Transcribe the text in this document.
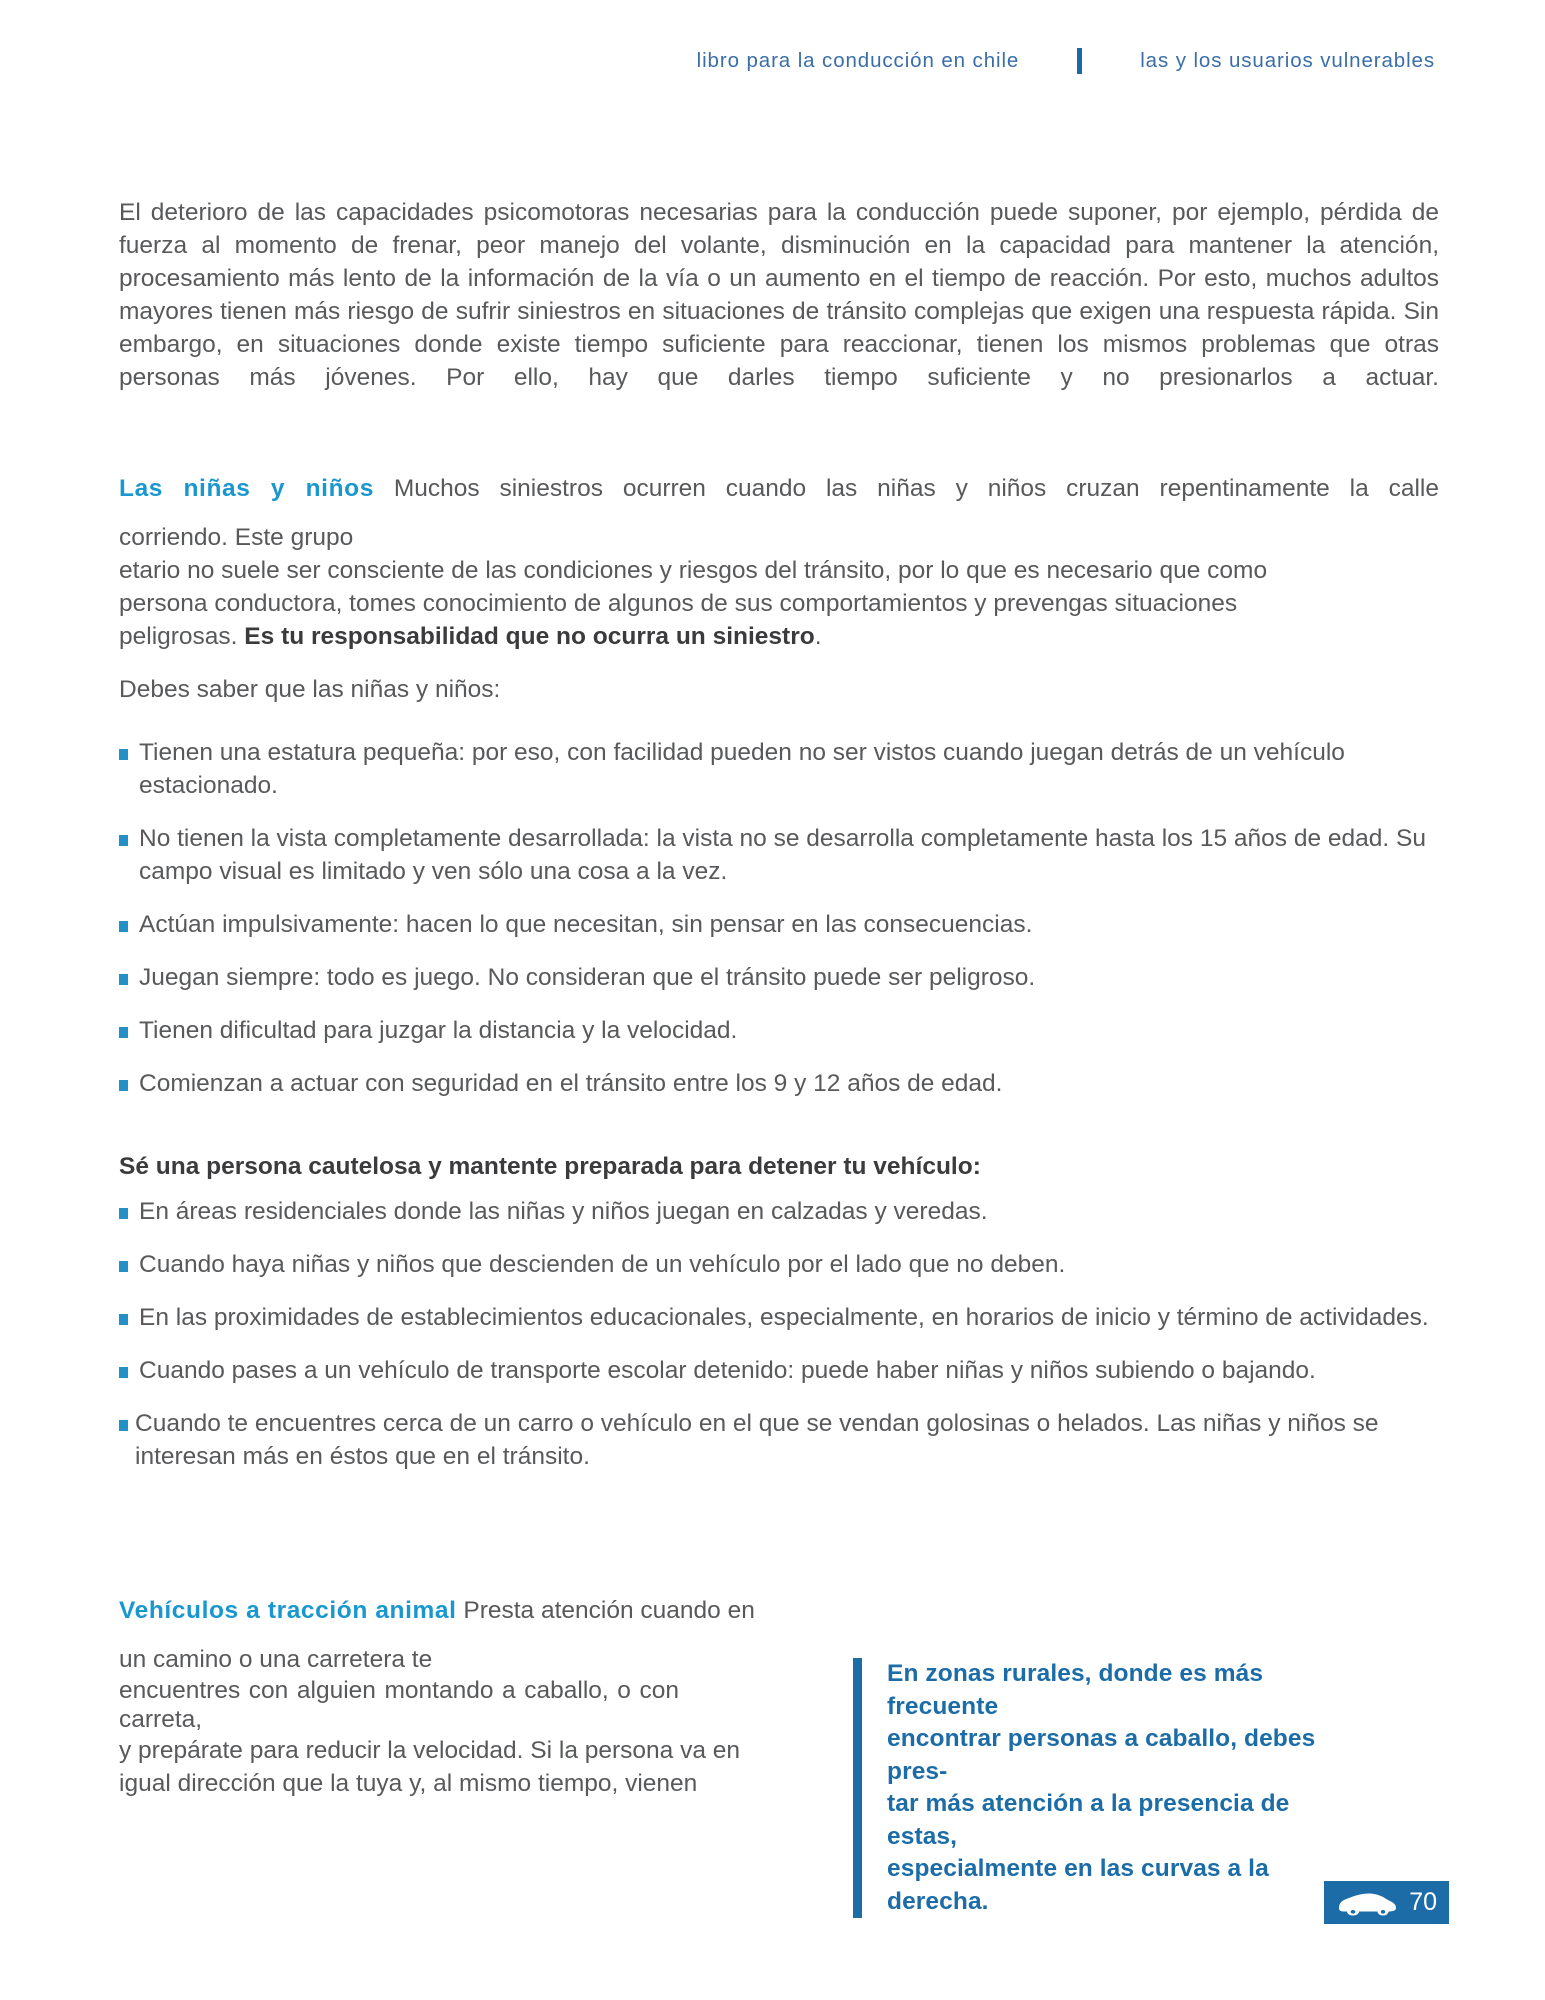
libro para la conducción en chile	las y los usuarios vulnerables

El deterioro de las capacidades psicomotoras necesarias para la conducción puede suponer, por ejemplo, pérdida de fuerza al momento de frenar, peor manejo del volante, disminución en la capacidad para mantener la atención, procesamiento más lento de la información de la vía o un aumento en el tiempo de reacción. Por esto, muchos adultos mayores tienen más riesgo de sufrir siniestros en situaciones de tránsito complejas que exigen una respuesta rápida. Sin embargo, en situaciones donde existe tiempo suficiente para reaccionar, tienen los mismos problemas que otras personas más jóvenes. Por ello, hay que darles tiempo suficiente y no presionarlos a actuar.

Las niñas y niños Muchos siniestros ocurren cuando las niñas y niños cruzan repentinamente la calle

corriendo. Este grupo

etario no suele ser consciente de las condiciones y riesgos del tránsito, por lo que es necesario que como

persona conductora, tomes conocimiento de algunos de sus comportamientos y prevengas situaciones

peligrosas. Es tu responsabilidad que no ocurra un siniestro.

Debes saber que las niñas y niños:

Tienen una estatura pequeña: por eso, con facilidad pueden no ser vistos cuando juegan detrás de un vehículo estacionado.
No tienen la vista completamente desarrollada: la vista no se desarrolla completamente hasta los 15 años de edad. Su campo visual es limitado y ven sólo una cosa a la vez.
Actúan impulsivamente: hacen lo que necesitan, sin pensar en las consecuencias.
Juegan siempre: todo es juego. No consideran que el tránsito puede ser peligroso.
Tienen dificultad para juzgar la distancia y la velocidad.
Comienzan a actuar con seguridad en el tránsito entre los 9 y 12 años de edad.

Sé una persona cautelosa y mantente preparada para detener tu vehículo:

En áreas residenciales donde las niñas y niños juegan en calzadas y veredas.
Cuando haya niñas y niños que descienden de un vehículo por el lado que no deben.
En las proximidades de establecimientos educacionales, especialmente, en horarios de inicio y término de actividades.
Cuando pases a un vehículo de transporte escolar detenido: puede haber niñas y niños subiendo o bajando.
Cuando te encuentres cerca de un carro o vehículo en el que se vendan golosinas o helados. Las niñas y niños se interesan más en éstos que en el tránsito.

Vehículos a tracción animal Presta atención cuando en

un camino o una carretera te

encuentres con alguien montando a caballo, o con

carreta,

y prepárate para reducir la velocidad. Si la persona va en

igual dirección que la tuya y, al mismo tiempo, vienen

En zonas rurales, donde es más frecuente

encontrar personas a caballo, debes pres-

tar más atención a la presencia de estas,

especialmente en las curvas a la derecha.	70
